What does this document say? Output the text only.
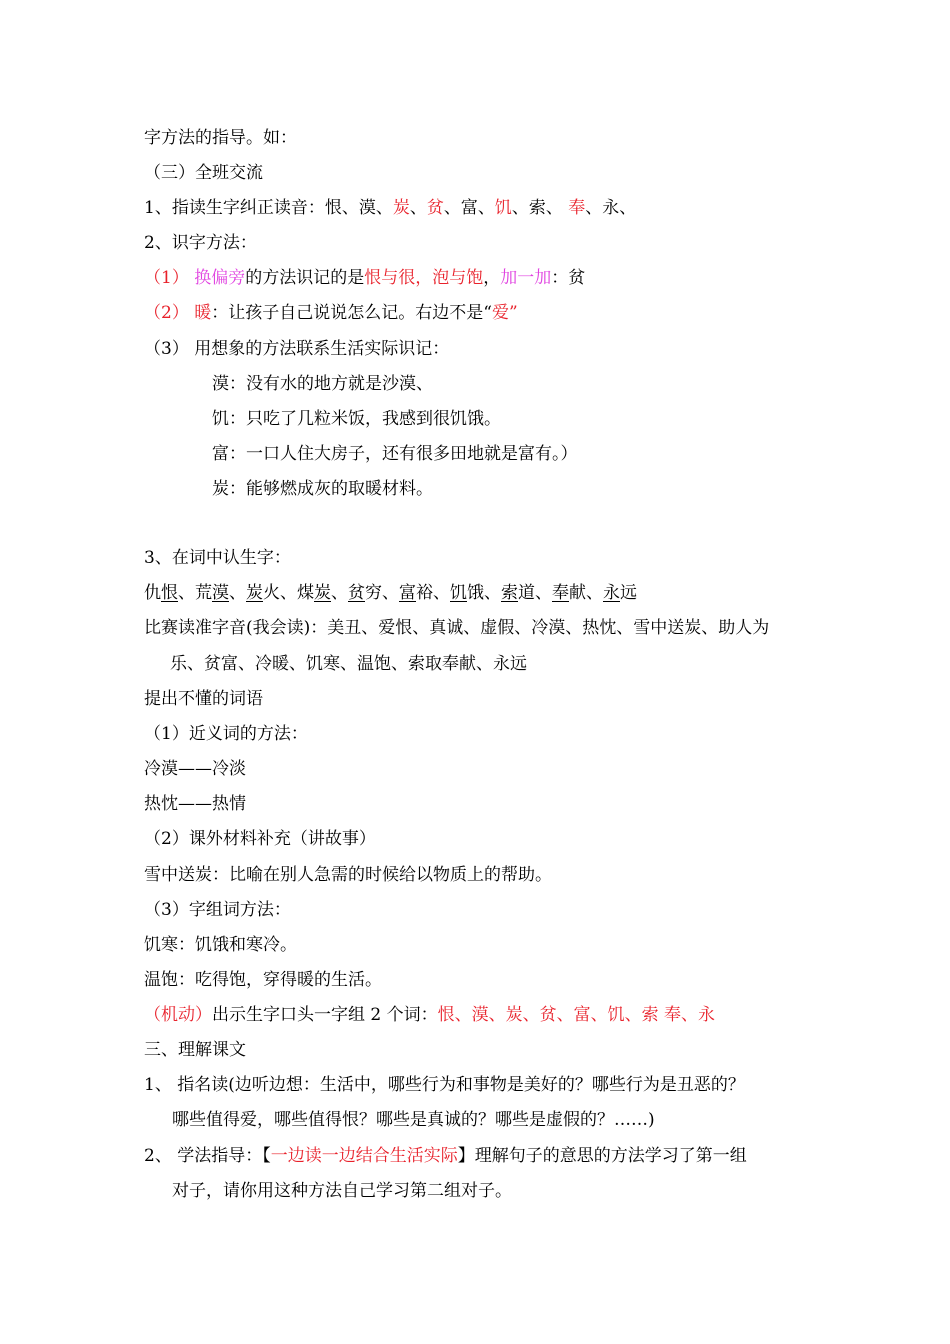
字方法的指导。如：
（三）全班交流
1、指读生字纠正读音：恨、漠、炭、贫、富、饥、索、 奉、永、
2、识字方法：
（1） 换偏旁的方法识记的是恨与很，泡与饱，加一加：贫
（2） 暖：让孩子自己说说怎么记。右边不是“爱”
（3） 用想象的方法联系生活实际识记：
漠：没有水的地方就是沙漠、
饥：只吃了几粒米饭，我感到很饥饿。
富：一口人住大房子，还有很多田地就是富有。）
炭：能够燃成灰的取暖材料。
3、在词中认生字：
仇恨、荒漠、炭火、煤炭、贫穷、富裕、饥饿、索道、奉献、永远
比赛读准字音(我会读)：美丑、爱恨、真诚、虚假、冷漠、热忱、雪中送炭、助人为
乐、贫富、冷暖、饥寒、温饱、索取奉献、永远
提出不懂的词语
（1）近义词的方法：
冷漠——冷淡
热忱——热情
（2）课外材料补充（讲故事）
雪中送炭：比喻在别人急需的时候给以物质上的帮助。
（3）字组词方法：
饥寒：饥饿和寒冷。
温饱：吃得饱，穿得暖的生活。
（机动）出示生字口头一字组 2 个词：恨、漠、炭、贫、富、饥、索 奉、永
三、理解课文
1、 指名读(边听边想：生活中，哪些行为和事物是美好的？哪些行为是丑恶的？
哪些值得爱，哪些值得恨？哪些是真诚的？哪些是虚假的？……)
2、 学法指导：【一边读一边结合生活实际】理解句子的意思的方法学习了第一组
对子，请你用这种方法自己学习第二组对子。
